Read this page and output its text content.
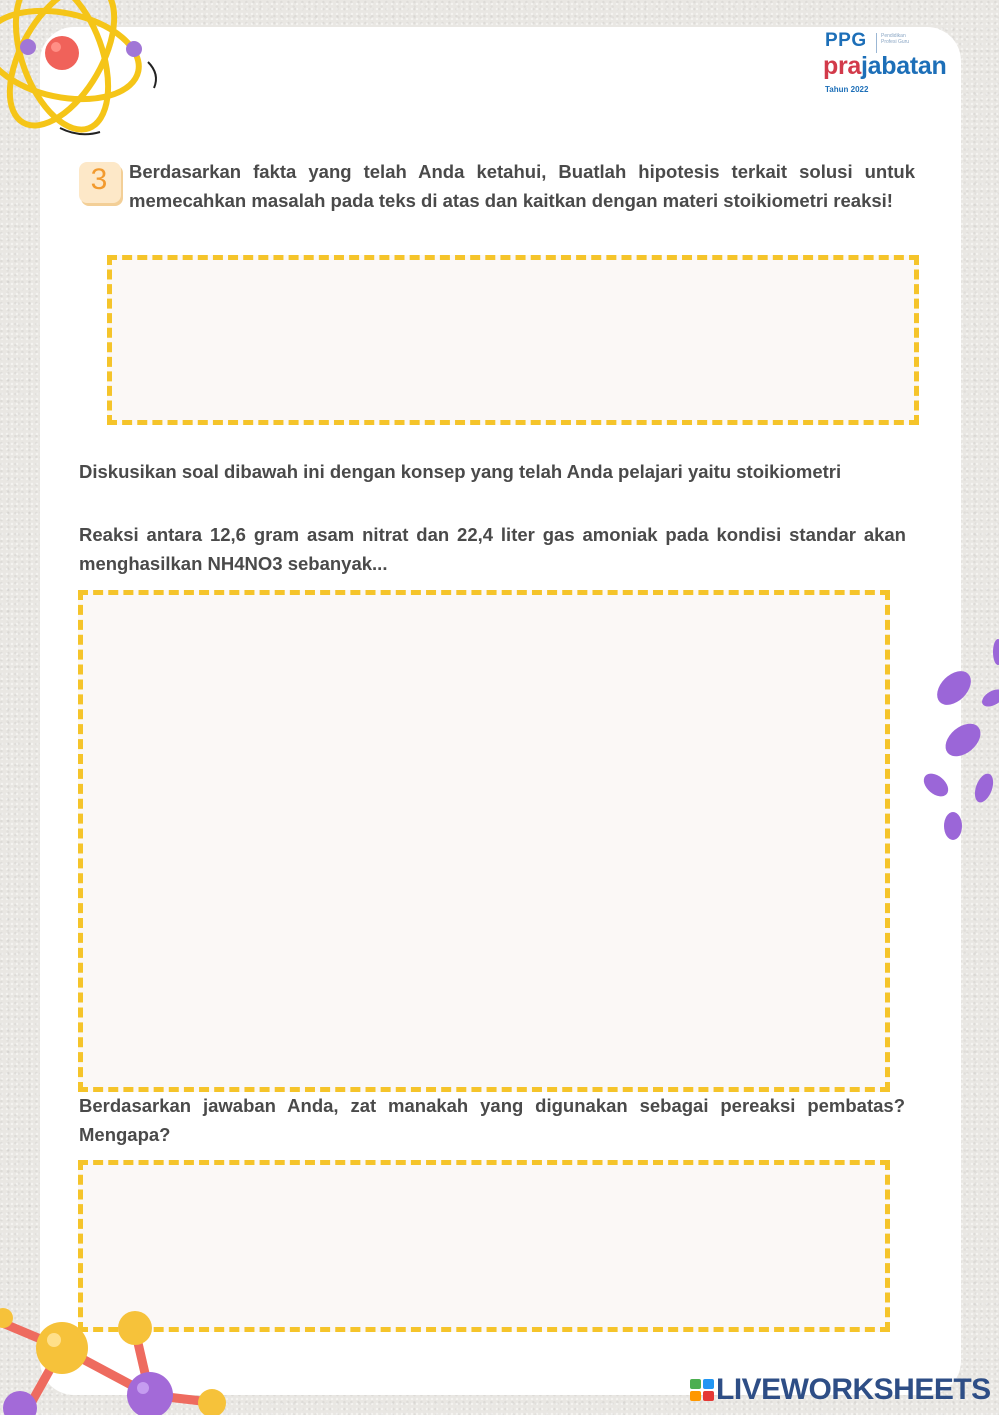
PPG	Pendidikan Profesi Guru
prajabatan
Tahun 2022
3	Berdasarkan fakta yang telah Anda ketahui, Buatlah hipotesis terkait solusi untuk memecahkan masalah pada teks di atas dan kaitkan dengan materi stoikiometri reaksi!
Diskusikan soal dibawah ini dengan konsep yang telah Anda pelajari yaitu stoikiometri
Reaksi antara 12,6 gram asam nitrat dan 22,4 liter gas amoniak pada kondisi standar akan menghasilkan NH4NO3 sebanyak...
Berdasarkan jawaban Anda, zat manakah yang digunakan sebagai pereaksi pembatas? Mengapa?
LIVEWORKSHEETS
